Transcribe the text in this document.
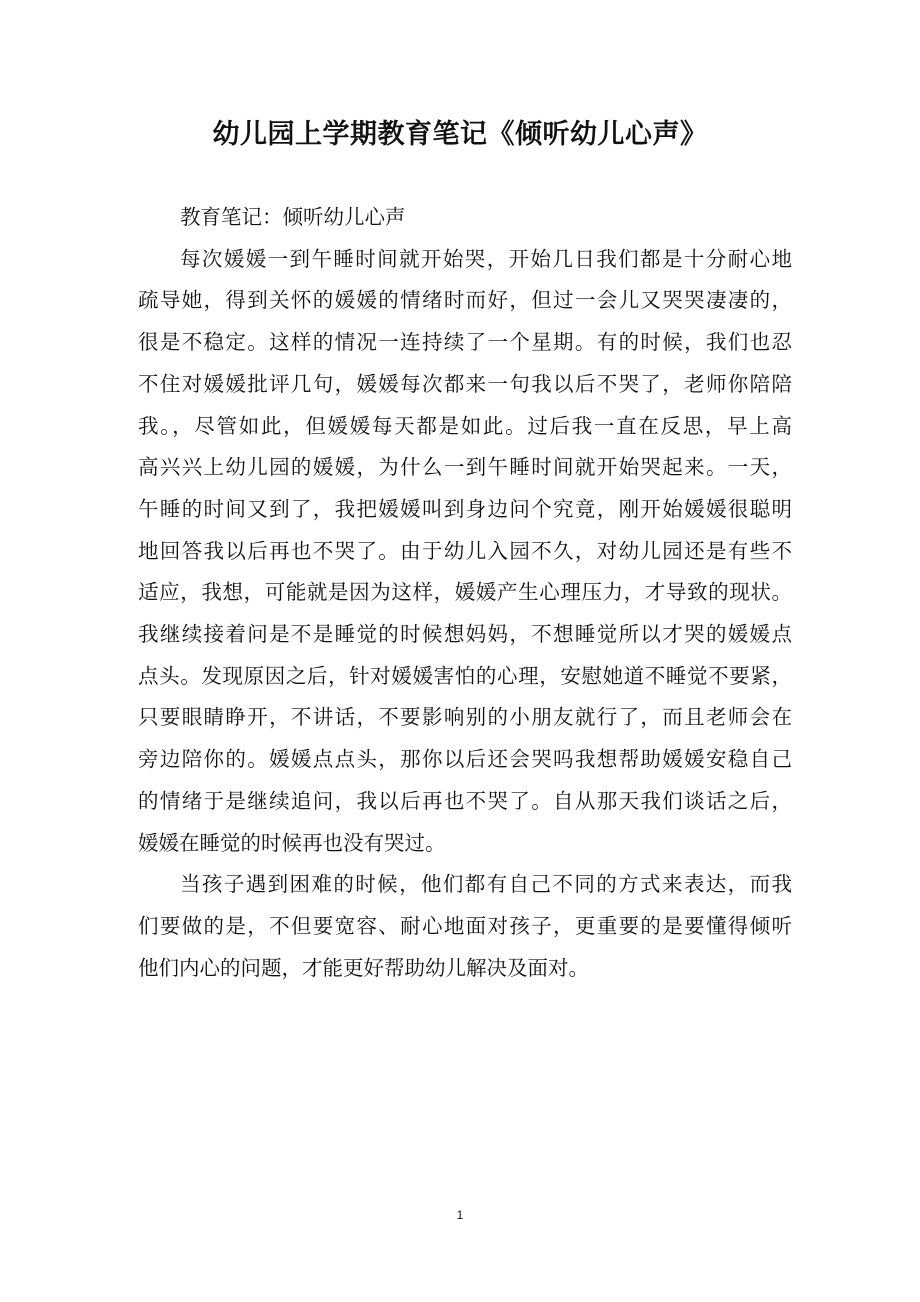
幼儿园上学期教育笔记《倾听幼儿心声》
教育笔记：倾听幼儿心声
每次媛媛一到午睡时间就开始哭，开始几日我们都是十分耐心地
疏导她，得到关怀的媛媛的情绪时而好，但过一会儿又哭哭凄凄的，
很是不稳定。这样的情况一连持续了一个星期。有的时候，我们也忍
不住对媛媛批评几句，媛媛每次都来一句我以后不哭了，老师你陪陪
我。，尽管如此，但媛媛每天都是如此。过后我一直在反思，早上高
高兴兴上幼儿园的媛媛，为什么一到午睡时间就开始哭起来。一天，
午睡的时间又到了，我把媛媛叫到身边问个究竟，刚开始媛媛很聪明
地回答我以后再也不哭了。由于幼儿入园不久，对幼儿园还是有些不
适应，我想，可能就是因为这样，媛媛产生心理压力，才导致的现状。
我继续接着问是不是睡觉的时候想妈妈，不想睡觉所以才哭的媛媛点
点头。发现原因之后，针对媛媛害怕的心理，安慰她道不睡觉不要紧，
只要眼睛睁开，不讲话，不要影响别的小朋友就行了，而且老师会在
旁边陪你的。媛媛点点头，那你以后还会哭吗我想帮助媛媛安稳自己
的情绪于是继续追问，我以后再也不哭了。自从那天我们谈话之后，
媛媛在睡觉的时候再也没有哭过。
当孩子遇到困难的时候，他们都有自己不同的方式来表达，而我
们要做的是，不但要宽容、耐心地面对孩子，更重要的是要懂得倾听
他们内心的问题，才能更好帮助幼儿解决及面对。
1
